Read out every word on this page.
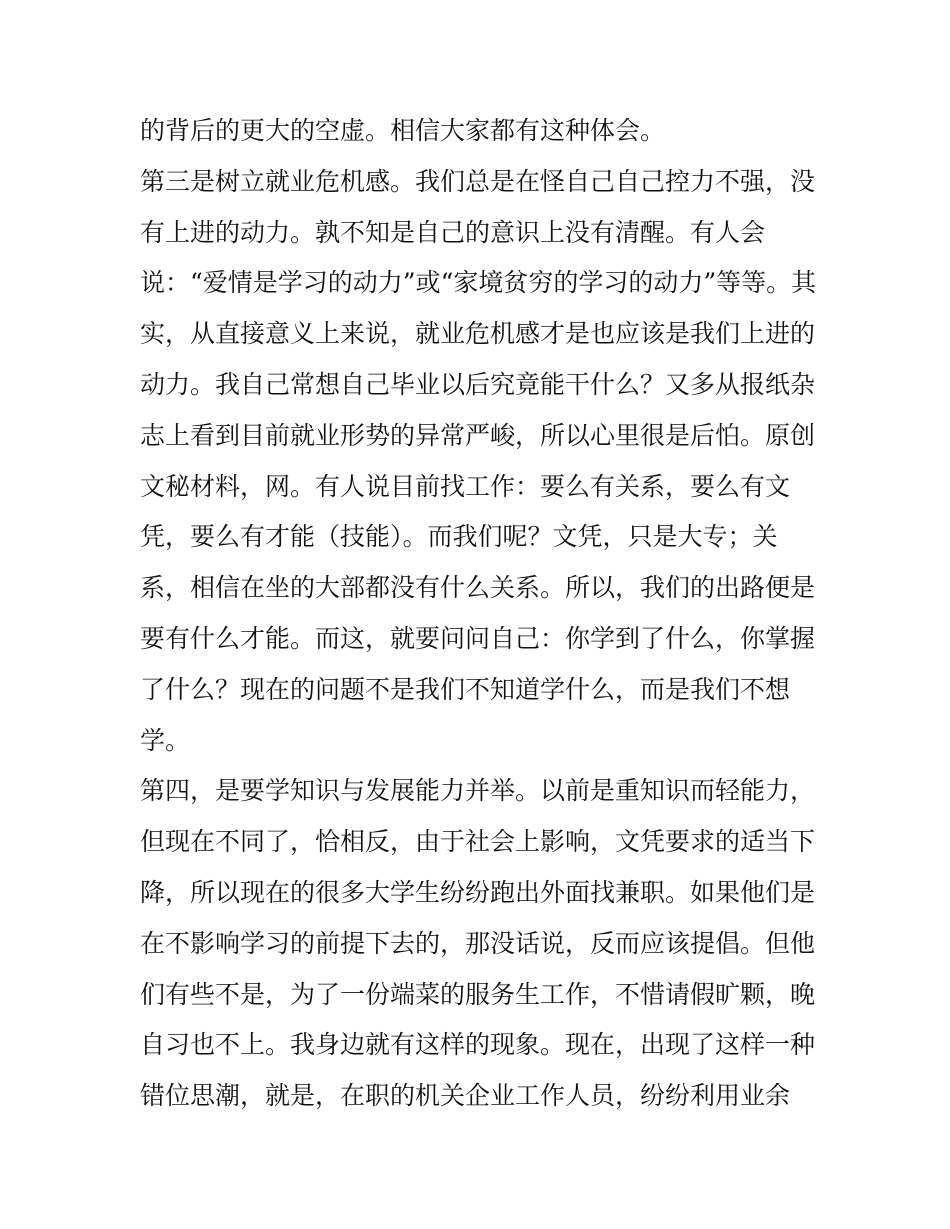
的背后的更大的空虚。相信大家都有这种体会。
第三是树立就业危机感。我们总是在怪自己自己控力不强，没
有上进的动力。孰不知是自己的意识上没有清醒。有人会
说：“爱情是学习的动力”或“家境贫穷的学习的动力”等等。其
实，从直接意义上来说，就业危机感才是也应该是我们上进的
动力。我自己常想自己毕业以后究竟能干什么？又多从报纸杂
志上看到目前就业形势的异常严峻，所以心里很是后怕。原创
文秘材料，网。有人说目前找工作：要么有关系，要么有文
凭，要么有才能（技能）。而我们呢？文凭，只是大专；关
系，相信在坐的大部都没有什么关系。所以，我们的出路便是
要有什么才能。而这，就要问问自己：你学到了什么，你掌握
了什么？现在的问题不是我们不知道学什么，而是我们不想
学。
第四，是要学知识与发展能力并举。以前是重知识而轻能力，
但现在不同了，恰相反，由于社会上影响，文凭要求的适当下
降，所以现在的很多大学生纷纷跑出外面找兼职。如果他们是
在不影响学习的前提下去的，那没话说，反而应该提倡。但他
们有些不是，为了一份端菜的服务生工作，不惜请假旷颗，晚
自习也不上。我身边就有这样的现象。现在，出现了这样一种
错位思潮，就是，在职的机关企业工作人员，纷纷利用业余
